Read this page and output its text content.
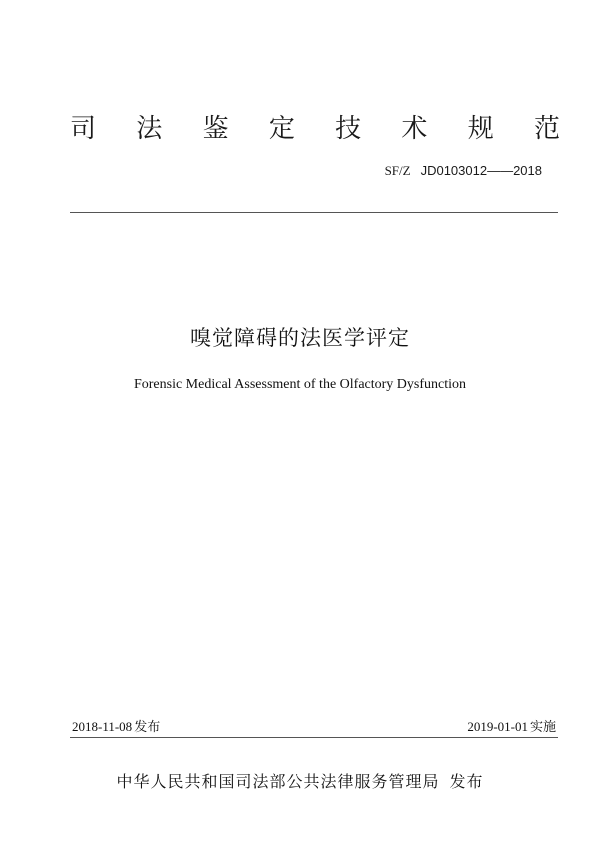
司 法 鉴 定 技 术 规 范
SF/Z JD0103012——2018
嗅觉障碍的法医学评定
Forensic Medical Assessment of the Olfactory Dysfunction
2018-11-08 发布	2019-01-01 实施
中华人民共和国司法部公共法律服务管理局 发布
